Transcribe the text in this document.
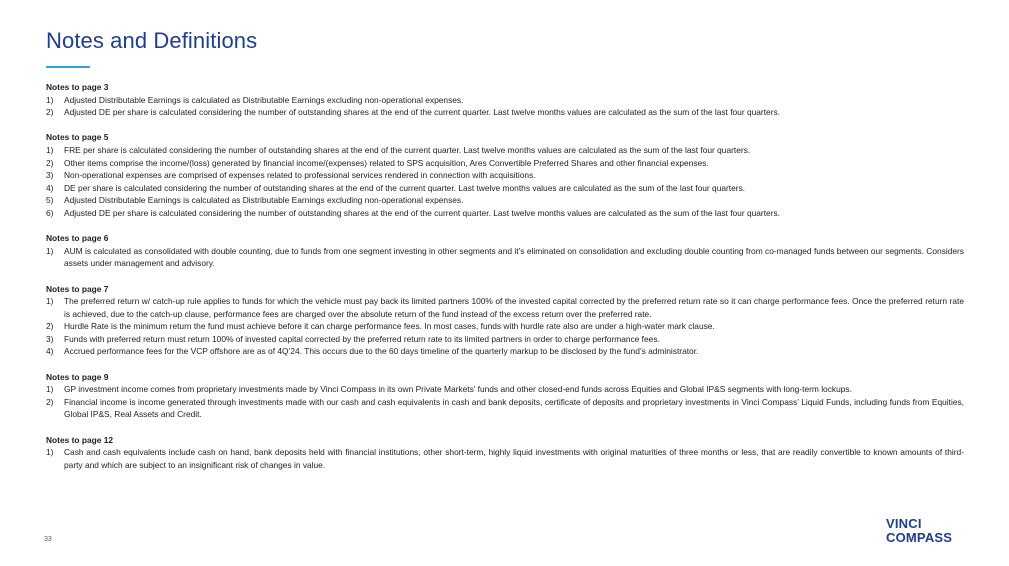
Notes and Definitions
Notes to page 3
1)	Adjusted Distributable Earnings is calculated as Distributable Earnings excluding non-operational expenses.
2)	Adjusted DE per share is calculated considering the number of outstanding shares at the end of the current quarter. Last twelve months values are calculated as the sum of the last four quarters.
Notes to page 5
1)	FRE per share is calculated considering the number of outstanding shares at the end of the current quarter. Last twelve months values are calculated as the sum of the last four quarters.
2)	Other items comprise the income/(loss) generated by financial income/(expenses) related to SPS acquisition, Ares Convertible Preferred Shares and other financial expenses.
3)	Non-operational expenses are comprised of expenses related to professional services rendered in connection with acquisitions.
4)	DE per share is calculated considering the number of outstanding shares at the end of the current quarter. Last twelve months values are calculated as the sum of the last four quarters.
5)	Adjusted Distributable Earnings is calculated as Distributable Earnings excluding non-operational expenses.
6)	Adjusted DE per share is calculated considering the number of outstanding shares at the end of the current quarter. Last twelve months values are calculated as the sum of the last four quarters.
Notes to page 6
1)	AUM is calculated as consolidated with double counting, due to funds from one segment investing in other segments and it’s eliminated on consolidation and excluding double counting from co-managed funds between our segments. Considers assets under management and advisory.
Notes to page 7
1)	The preferred return w/ catch-up rule applies to funds for which the vehicle must pay back its limited partners 100% of the invested capital corrected by the preferred return rate so it can charge performance fees. Once the preferred return rate is achieved, due to the catch-up clause, performance fees are charged over the absolute return of the fund instead of the excess return over the preferred rate.
2)	Hurdle Rate is the minimum return the fund must achieve before it can charge performance fees. In most cases, funds with hurdle rate also are under a high-water mark clause.
3)	Funds with preferred return must return 100% of invested capital corrected by the preferred return rate to its limited partners in order to charge performance fees.
4)	Accrued performance fees for the VCP offshore are as of 4Q’24. This occurs due to the 60 days timeline of the quarterly markup to be disclosed by the fund’s administrator.
Notes to page 9
1)	GP investment income comes from proprietary investments made by Vinci Compass in its own Private Markets’ funds and other closed-end funds across Equities and Global IP&S segments with long-term lockups.
2)	Financial income is income generated through investments made with our cash and cash equivalents in cash and bank deposits, certificate of deposits and proprietary investments in Vinci Compass’ Liquid Funds, including funds from Equities, Global IP&S, Real Assets and Credit.
Notes to page 12
1)	Cash and cash equivalents include cash on hand, bank deposits held with financial institutions, other short-term, highly liquid investments with original maturities of three months or less, that are readily convertible to known amounts of third-party and which are subject to an insignificant risk of changes in value.
33
VINCI
COMPASS
